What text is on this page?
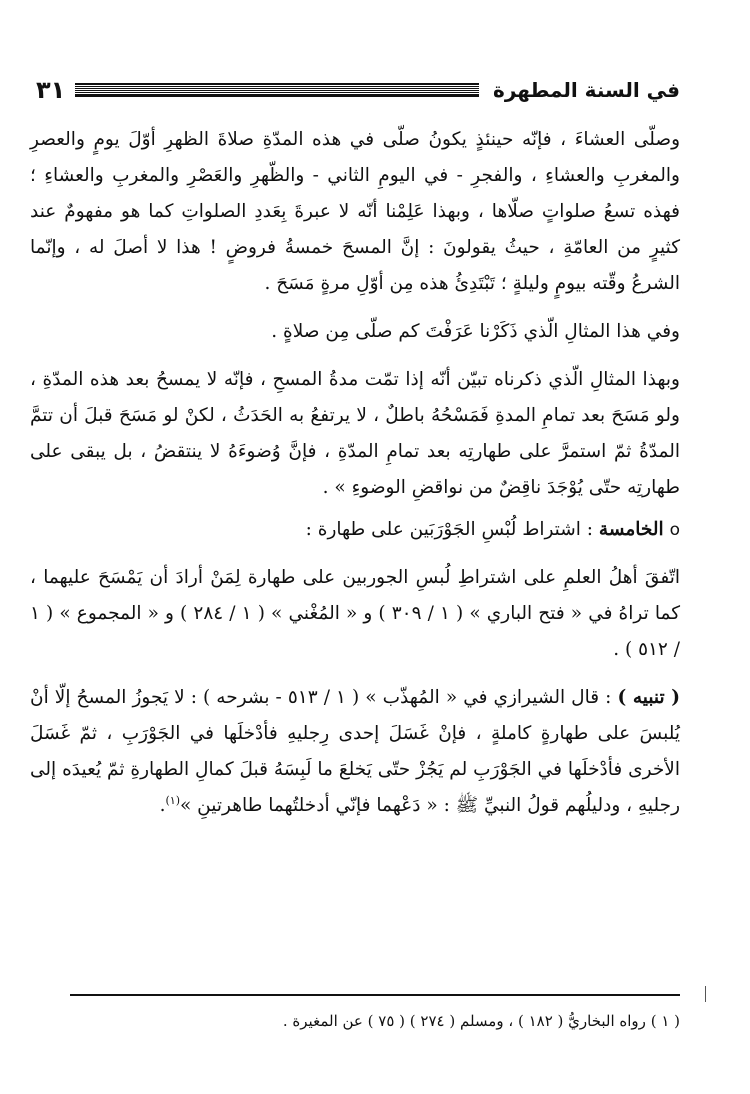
في السنة المطهرة
٣١

وصلّى العشاءَ ، فإنّه حينئذٍ يكونُ صلّى في هذه المدّةِ صلاةَ الظهرِ أوّلَ يومٍ والعصرِ والمغربِ والعشاءِ ، والفجرِ - في اليومِ الثاني - والظّهرِ والعَصْرِ والمغربِ والعشاءِ ؛ فهذه تسعُ صلواتٍ صلّاها ، وبهذا عَلِمْنا أنّه لا عبرةَ بِعَددِ الصلواتِ كما هو مفهومٌ عند كثيرٍ من العامّةِ ، حيثُ يقولونَ : إنَّ المسحَ خمسةُ فروضٍ ! هذا لا أصلَ له ، وإنّما الشرعُ وقّته بيومٍ وليلةٍ ؛ تَبْتَدِئُ هذه مِن أوّلِ مرةٍ مَسَحَ .

وفي هذا المثالِ الّذي ذَكَرْنا عَرَفْتَ كم صلّى مِن صلاةٍ .

وبهذا المثالِ الّذي ذكرناه تبيّن أنّه إذا تمّت مدةُ المسحِ ، فإنّه لا يمسحُ بعد هذه المدّةِ ، ولو مَسَحَ بعد تمامِ المدةِ فَمَسْحُهُ باطلٌ ، لا يرتفعُ به الحَدَثُ ، لكنْ لو مَسَحَ قبلَ أن تتمَّ المدّةُ ثمّ استمرَّ على طهارتِه بعد تمامِ المدّةِ ، فإنَّ وُضوءَهُ لا ينتقضُ ، بل يبقى على طهارتِه حتّى يُوْجَدَ ناقِضٌ من نواقضِ الوضوءِ » .

oالخامسة : اشتراط لُبْسِ الجَوْرَبَين على طهارة :

اتّفقَ أهلُ العلمِ على اشتراطِ لُبسِ الجوربين على طهارة لِمَنْ أرادَ أن يَمْسَحَ عليهما ، كما تراهُ في « فتح الباري » ( ١ / ٣٠٩ ) و « المُغْني » ( ١ / ٢٨٤ ) و « المجموع » ( ١ / ٥١٢ ) .

( تنبيه ) : قال الشيرازي في « المُهذّب » ( ١ / ٥١٣ - بشرحه ) : لا يَجوزُ المسحُ إلّا أنْ يُلبسَ على طهارةٍ كاملةٍ ، فإنْ غَسَلَ إحدى رِجليهِ فأدْخلَها في الجَوْرَبِ ، ثمّ غَسَلَ الأخرى فأدْخلَها في الجَوْرَبِ لم يَجُزْ حتّى يَخلعَ ما لَبِسَهُ قبلَ كمالِ الطهارةِ ثمّ يُعيدَه إلى رجليهِ ، ودليلُهم قولُ النبيِّ ﷺ : « دَعْهما فإنّي أدخلتُهما طاهرتينِ »$^{(١)}$.

( ١ ) رواه البخاريُّ ( ١٨٢ ) ، ومسلم ( ٢٧٤ ) ( ٧٥ ) عن المغيرة .
